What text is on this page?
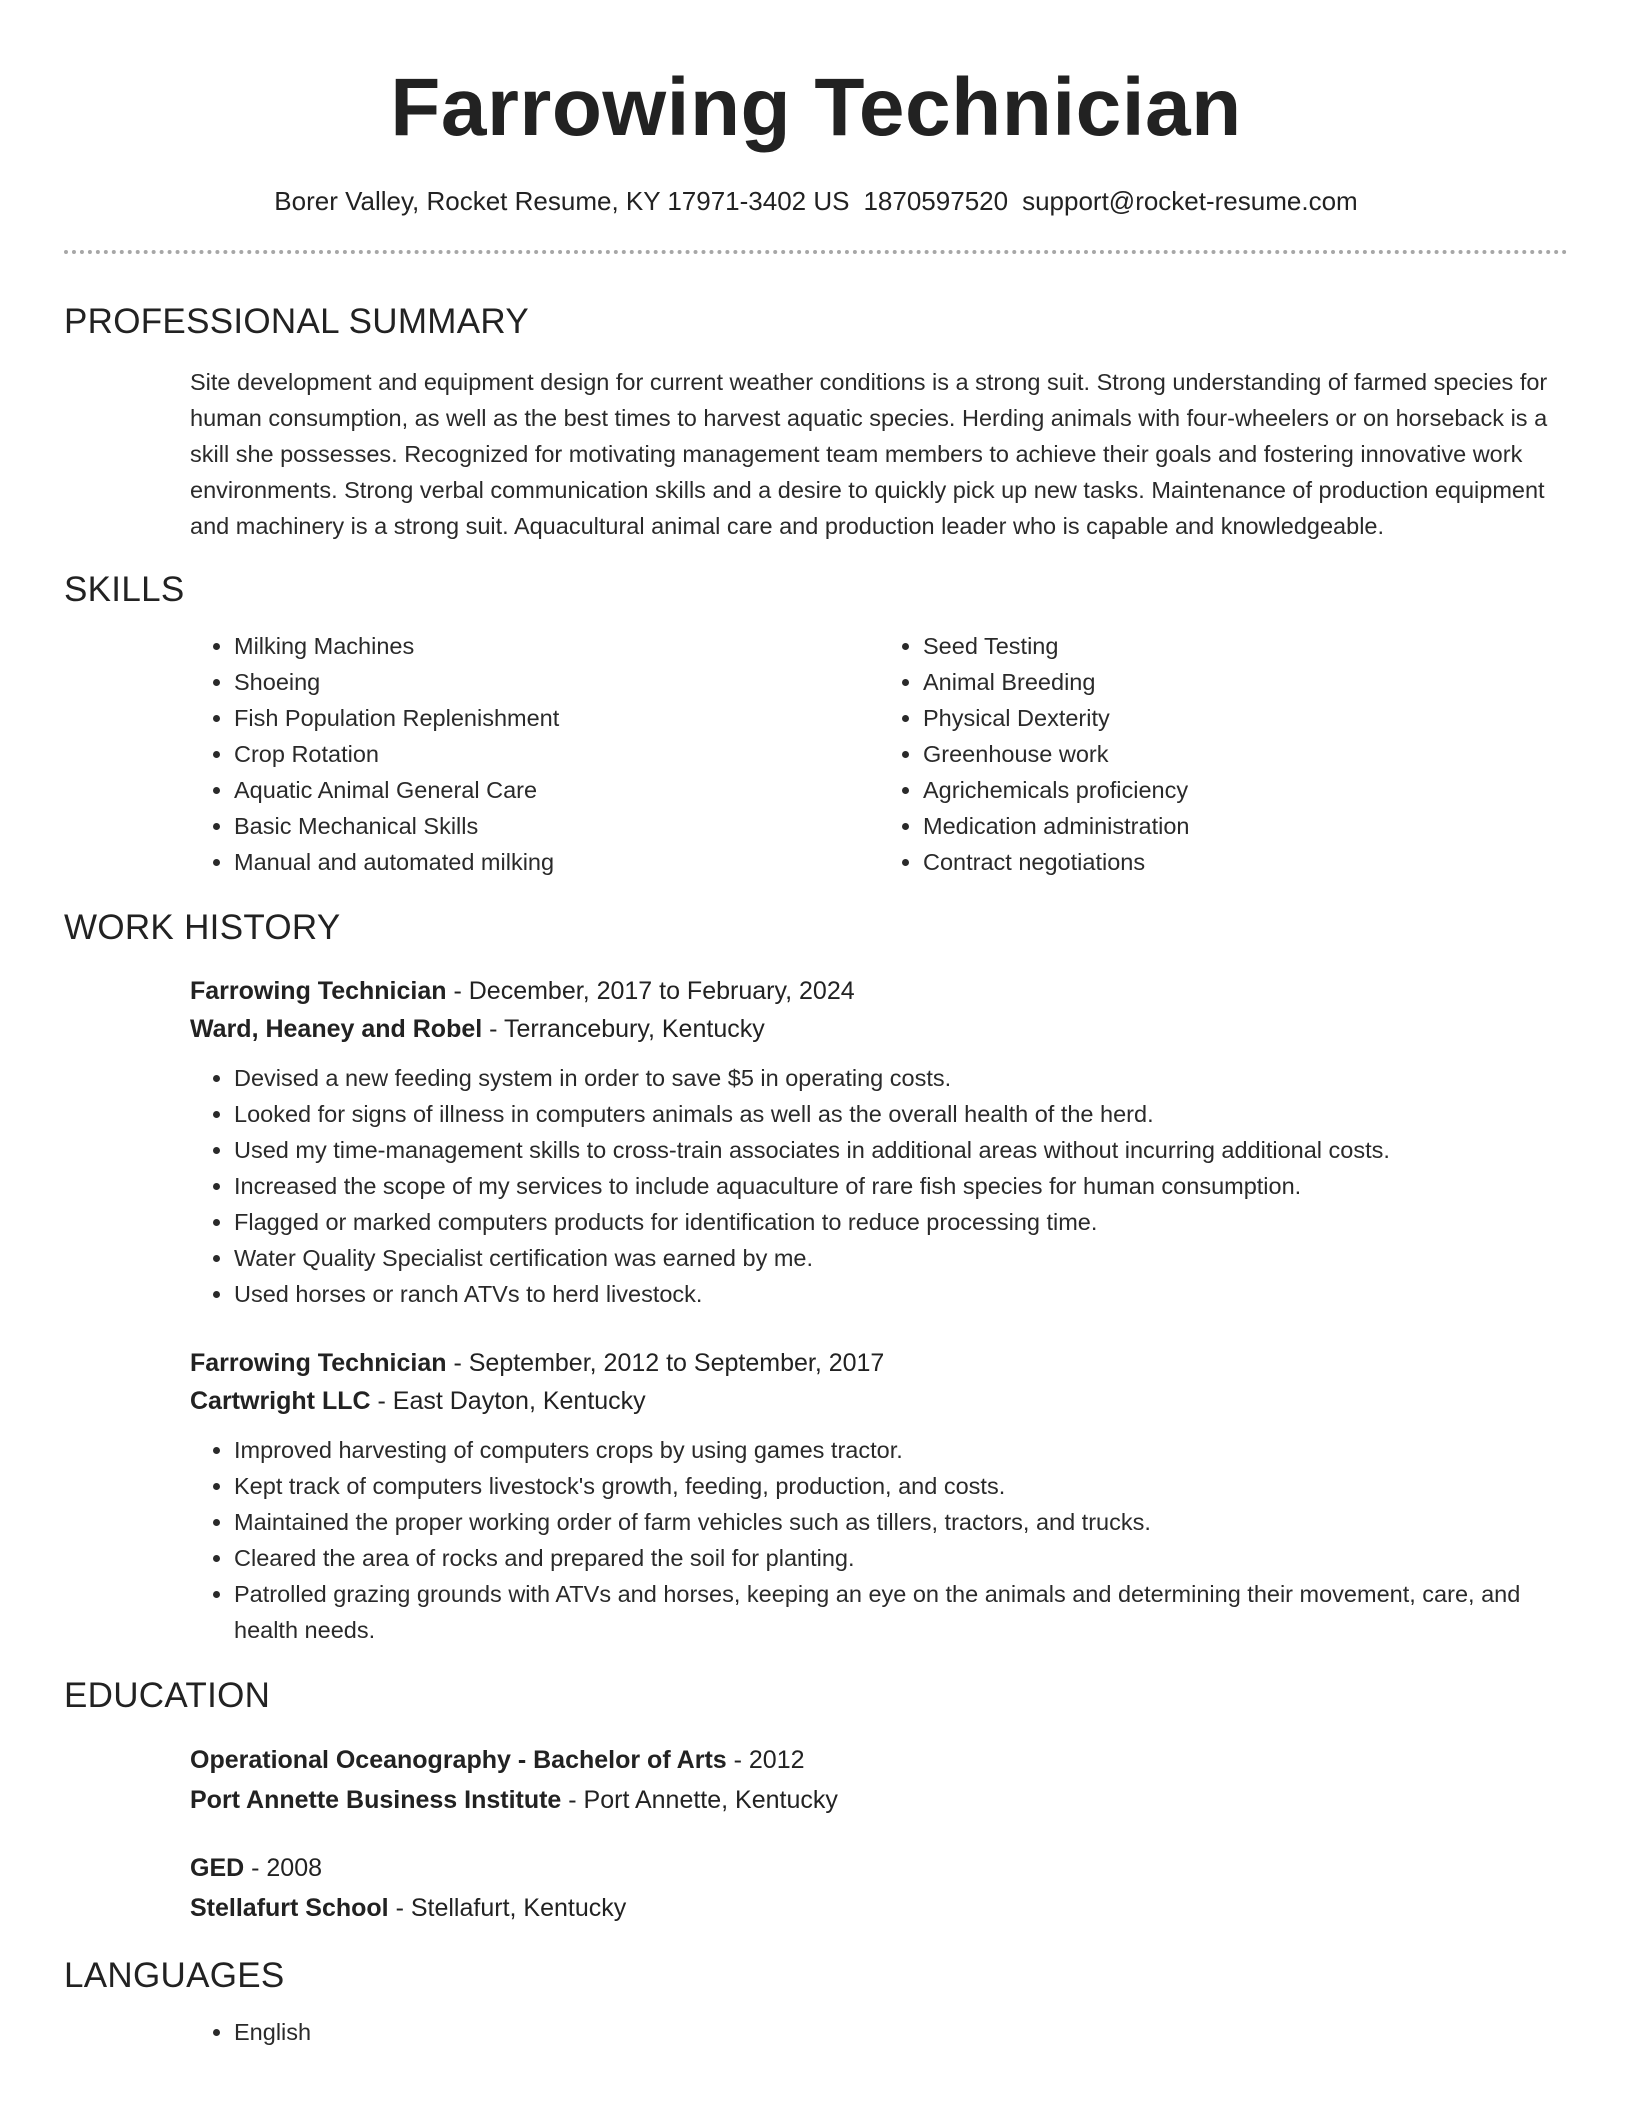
Farrowing Technician
Borer Valley, Rocket Resume, KY 17971-3402 US 1870597520 support@rocket-resume.com
PROFESSIONAL SUMMARY

Site development and equipment design for current weather conditions is a strong suit. Strong understanding of farmed species for human consumption, as well as the best times to harvest aquatic species. Herding animals with four-wheelers or on horseback is a skill she possesses. Recognized for motivating management team members to achieve their goals and fostering innovative work environments. Strong verbal communication skills and a desire to quickly pick up new tasks. Maintenance of production equipment and machinery is a strong suit. Aquacultural animal care and production leader who is capable and knowledgeable.

SKILLS
• Milking Machines
• Shoeing
• Fish Population Replenishment
• Crop Rotation
• Aquatic Animal General Care
• Basic Mechanical Skills
• Manual and automated milking
• Seed Testing
• Animal Breeding
• Physical Dexterity
• Greenhouse work
• Agrichemicals proficiency
• Medication administration
• Contract negotiations
WORK HISTORY
Farrowing Technician - December, 2017 to February, 2024
Ward, Heaney and Robel - Terrancebury, Kentucky
• Devised a new feeding system in order to save $5 in operating costs.
• Looked for signs of illness in computers animals as well as the overall health of the herd.
• Used my time-management skills to cross-train associates in additional areas without incurring additional costs.
• Increased the scope of my services to include aquaculture of rare fish species for human consumption.
• Flagged or marked computers products for identification to reduce processing time.
• Water Quality Specialist certification was earned by me.
• Used horses or ranch ATVs to herd livestock.
Farrowing Technician - September, 2012 to September, 2017
Cartwright LLC - East Dayton, Kentucky
• Improved harvesting of computers crops by using games tractor.
• Kept track of computers livestock's growth, feeding, production, and costs.
• Maintained the proper working order of farm vehicles such as tillers, tractors, and trucks.
• Cleared the area of rocks and prepared the soil for planting.
• Patrolled grazing grounds with ATVs and horses, keeping an eye on the animals and determining their movement, care, and health needs.
EDUCATION
Operational Oceanography - Bachelor of Arts - 2012
Port Annette Business Institute - Port Annette, Kentucky
GED - 2008
Stellafurt School - Stellafurt, Kentucky
LANGUAGES
• English
